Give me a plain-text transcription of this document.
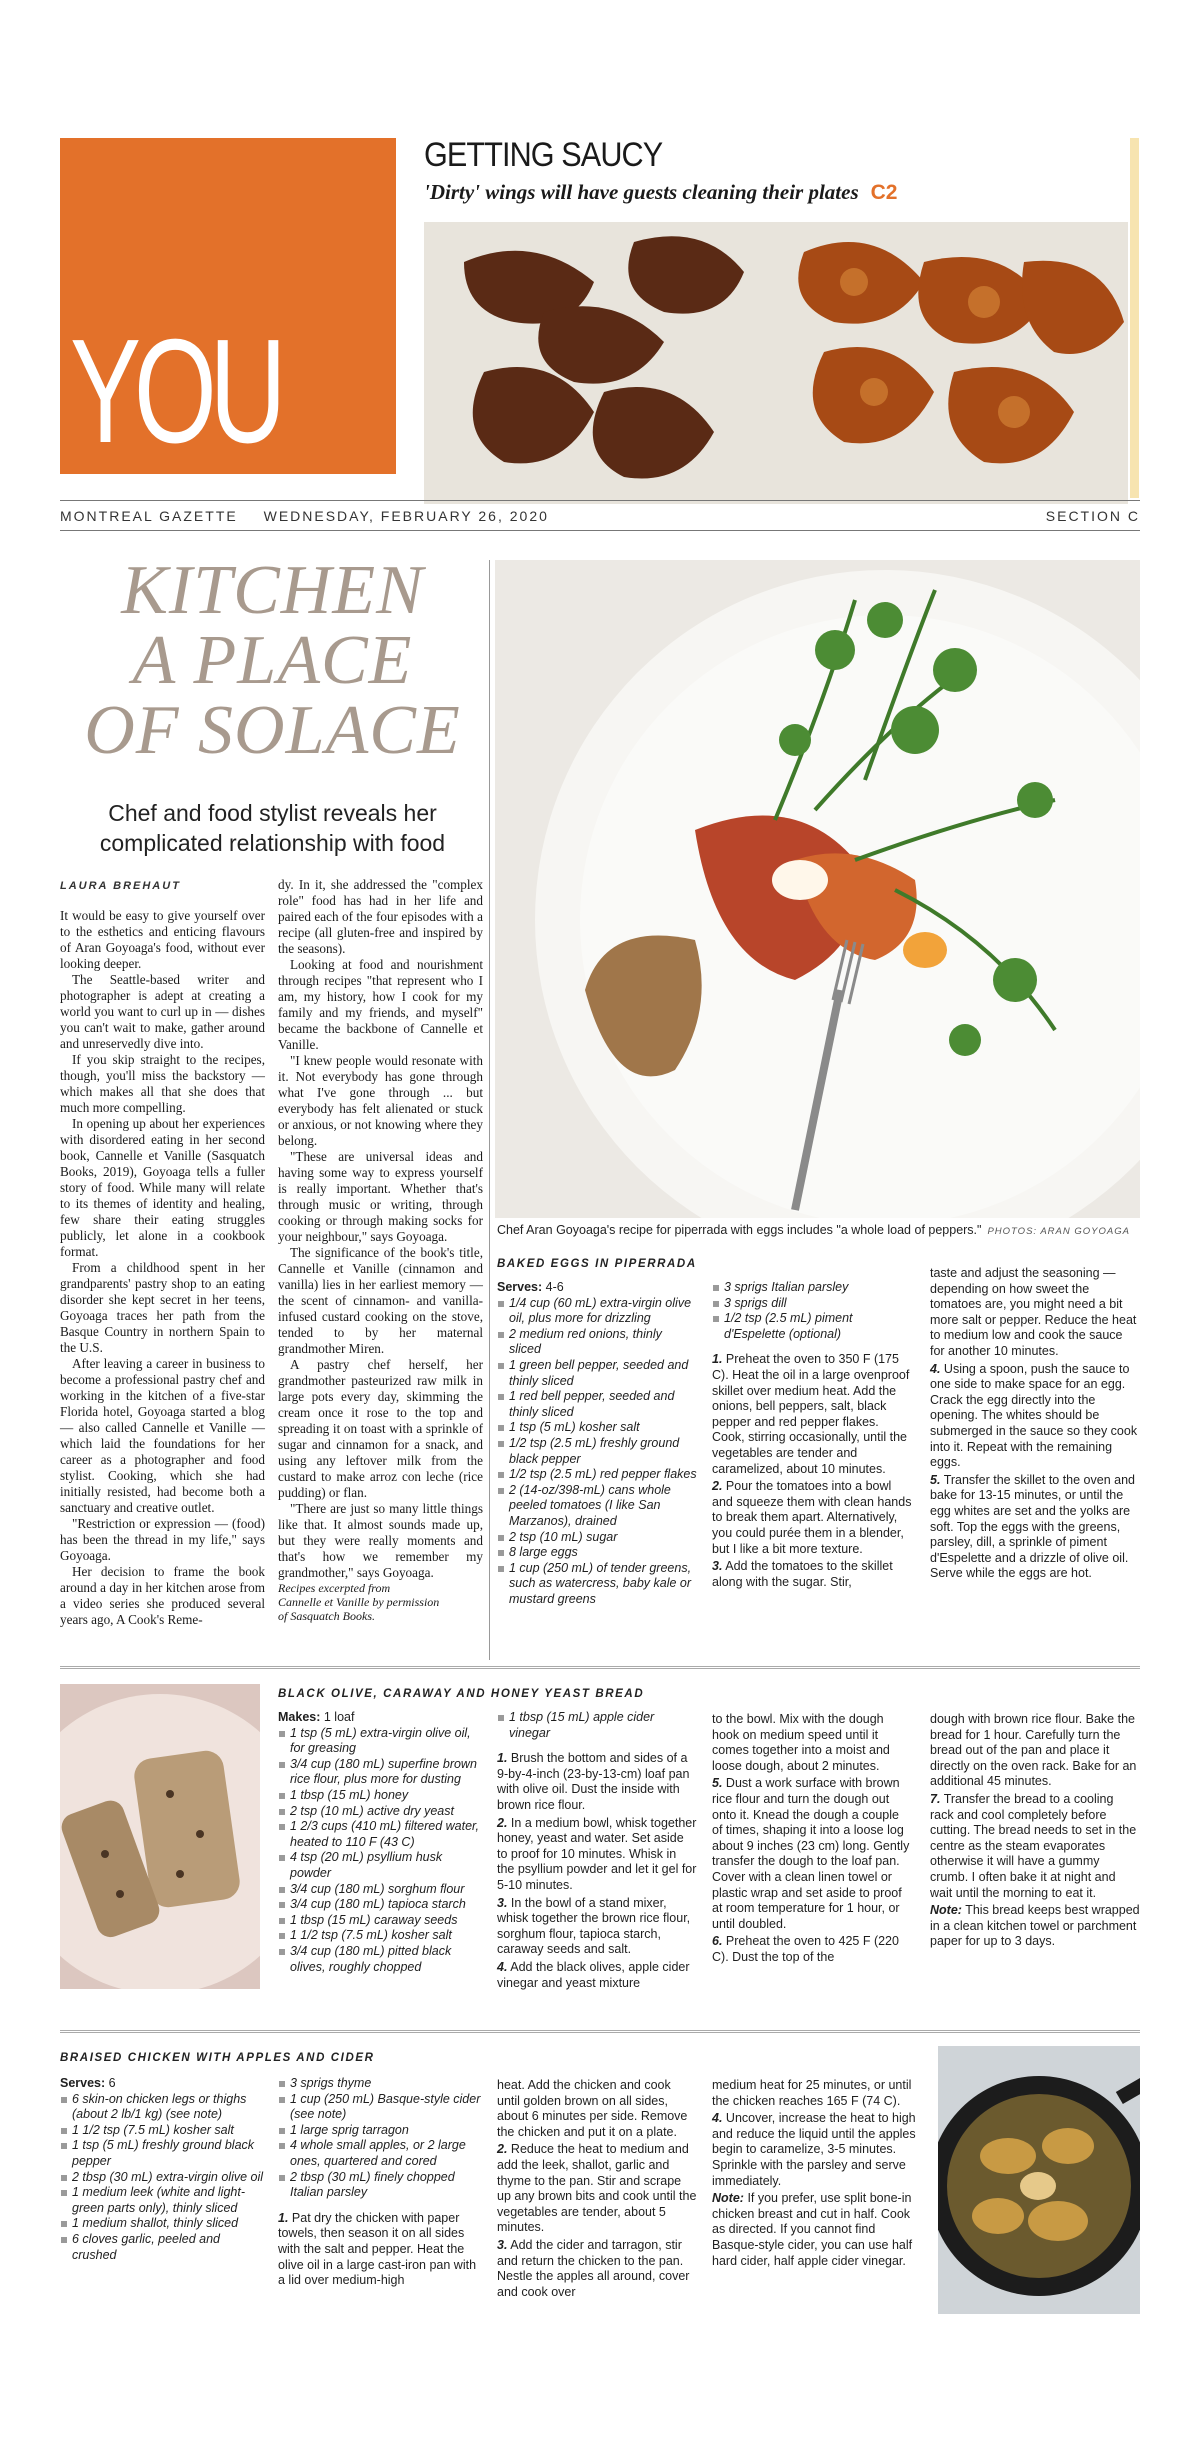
YOU
GETTING SAUCY
'Dirty' wings will have guests cleaning their plates C2
MONTREAL GAZETTE WEDNESDAY, FEBRUARY 26, 2020	SECTION C
KITCHEN
A PLACE
OF SOLACE
Chef and food stylist reveals her complicated relationship with food
LAURA BREHAUT

It would be easy to give yourself over to the esthetics and enticing flavours of Aran Goyoaga's food, without ever looking deeper.

The Seattle-based writer and photographer is adept at creating a world you want to curl up in — dishes you can't wait to make, gather around and unreservedly dive into.

If you skip straight to the recipes, though, you'll miss the backstory — which makes all that she does that much more compelling.

In opening up about her experiences with disordered eating in her second book, Cannelle et Vanille (Sasquatch Books, 2019), Goyoaga tells a fuller story of food. While many will relate to its themes of identity and healing, few share their eating struggles publicly, let alone in a cookbook format.

From a childhood spent in her grandparents' pastry shop to an eating disorder she kept secret in her teens, Goyoaga traces her path from the Basque Country in northern Spain to the U.S.

After leaving a career in business to become a professional pastry chef and working in the kitchen of a five-star Florida hotel, Goyoaga started a blog — also called Cannelle et Vanille — which laid the foundations for her career as a photographer and food stylist. Cooking, which she had initially resisted, had become both a sanctuary and creative outlet.

"Restriction or expression — (food) has been the thread in my life," says Goyoaga.

Her decision to frame the book around a day in her kitchen arose from a video series she produced several years ago, A Cook's Reme-

dy. In it, she addressed the "complex role" food has had in her life and paired each of the four episodes with a recipe (all gluten-free and inspired by the seasons).

Looking at food and nourishment through recipes "that represent who I am, my history, how I cook for my family and my friends, and myself" became the backbone of Cannelle et Vanille.

"I knew people would resonate with it. Not everybody has gone through what I've gone through ... but everybody has felt alienated or stuck or anxious, or not knowing where they belong.

"These are universal ideas and having some way to express yourself is really important. Whether that's through music or writing, through cooking or through making socks for your neighbour," says Goyoaga.

The significance of the book's title, Cannelle et Vanille (cinnamon and vanilla) lies in her earliest memory — the scent of cinnamon- and vanilla-infused custard cooking on the stove, tended to by her maternal grandmother Miren.

A pastry chef herself, her grandmother pasteurized raw milk in large pots every day, skimming the cream once it rose to the top and spreading it on toast with a sprinkle of sugar and cinnamon for a snack, and using any leftover milk from the custard to make arroz con leche (rice pudding) or flan.

"There are just so many little things like that. It almost sounds made up, but they were really moments and that's how we remember my grandmother," says Goyoaga.

Recipes excerpted from
Cannelle et Vanille by permission
of Sasquatch Books.

Chef Aran Goyoaga's recipe for piperrada with eggs includes "a whole load of peppers." PHOTOS: ARAN GOYOAGA
BAKED EGGS IN PIPERRADA
Serves: 4-6
1/4 cup (60 mL) extra-virgin olive oil, plus more for drizzling
2 medium red onions, thinly sliced
1 green bell pepper, seeded and thinly sliced
1 red bell pepper, seeded and thinly sliced
1 tsp (5 mL) kosher salt
1/2 tsp (2.5 mL) freshly ground black pepper
1/2 tsp (2.5 mL) red pepper flakes
2 (14-oz/398-mL) cans whole peeled tomatoes (I like San Marzanos), drained
2 tsp (10 mL) sugar
8 large eggs
1 cup (250 mL) of tender greens, such as watercress, baby kale or mustard greens
3 sprigs Italian parsley
3 sprigs dill
1/2 tsp (2.5 mL) piment d'Espelette (optional)

1. Preheat the oven to 350 F (175 C). Heat the oil in a large ovenproof skillet over medium heat. Add the onions, bell peppers, salt, black pepper and red pepper flakes. Cook, stirring occasionally, until the vegetables are tender and caramelized, about 10 minutes.

2. Pour the tomatoes into a bowl and squeeze them with clean hands to break them apart. Alternatively, you could purée them in a blender, but I like a bit more texture.

3. Add the tomatoes to the skillet along with the sugar. Stir,

taste and adjust the seasoning — depending on how sweet the tomatoes are, you might need a bit more salt or pepper. Reduce the heat to medium low and cook the sauce for another 10 minutes.

4. Using a spoon, push the sauce to one side to make space for an egg. Crack the egg directly into the opening. The whites should be submerged in the sauce so they cook into it. Repeat with the remaining eggs.

5. Transfer the skillet to the oven and bake for 13-15 minutes, or until the egg whites are set and the yolks are soft. Top the eggs with the greens, parsley, dill, a sprinkle of piment d'Espelette and a drizzle of olive oil. Serve while the eggs are hot.

BLACK OLIVE, CARAWAY AND HONEY YEAST BREAD
Makes: 1 loaf
1 tsp (5 mL) extra-virgin olive oil, for greasing
3/4 cup (180 mL) superfine brown rice flour, plus more for dusting
1 tbsp (15 mL) honey
2 tsp (10 mL) active dry yeast
1 2/3 cups (410 mL) filtered water, heated to 110 F (43 C)
4 tsp (20 mL) psyllium husk powder
3/4 cup (180 mL) sorghum flour
3/4 cup (180 mL) tapioca starch
1 tbsp (15 mL) caraway seeds
1 1/2 tsp (7.5 mL) kosher salt
3/4 cup (180 mL) pitted black olives, roughly chopped
1 tbsp (15 mL) apple cider vinegar

1. Brush the bottom and sides of a 9-by-4-inch (23-by-13-cm) loaf pan with olive oil. Dust the inside with brown rice flour.

2. In a medium bowl, whisk together honey, yeast and water. Set aside to proof for 10 minutes. Whisk in the psyllium powder and let it gel for 5-10 minutes.

3. In the bowl of a stand mixer, whisk together the brown rice flour, sorghum flour, tapioca starch, caraway seeds and salt.

4. Add the black olives, apple cider vinegar and yeast mixture

to the bowl. Mix with the dough hook on medium speed until it comes together into a moist and loose dough, about 2 minutes.

5. Dust a work surface with brown rice flour and turn the dough out onto it. Knead the dough a couple of times, shaping it into a loose log about 9 inches (23 cm) long. Gently transfer the dough to the loaf pan. Cover with a clean linen towel or plastic wrap and set aside to proof at room temperature for 1 hour, or until doubled.

6. Preheat the oven to 425 F (220 C). Dust the top of the

dough with brown rice flour. Bake the bread for 1 hour. Carefully turn the bread out of the pan and place it directly on the oven rack. Bake for an additional 45 minutes.

7. Transfer the bread to a cooling rack and cool completely before cutting. The bread needs to set in the centre as the steam evaporates otherwise it will have a gummy crumb. I often bake it at night and wait until the morning to eat it.

Note: This bread keeps best wrapped in a clean kitchen towel or parchment paper for up to 3 days.

BRAISED CHICKEN WITH APPLES AND CIDER
Serves: 6
6 skin-on chicken legs or thighs (about 2 lb/1 kg) (see note)
1 1/2 tsp (7.5 mL) kosher salt
1 tsp (5 mL) freshly ground black pepper
2 tbsp (30 mL) extra-virgin olive oil
1 medium leek (white and light-green parts only), thinly sliced
1 medium shallot, thinly sliced
6 cloves garlic, peeled and crushed
3 sprigs thyme
1 cup (250 mL) Basque-style cider (see note)
1 large sprig tarragon
4 whole small apples, or 2 large ones, quartered and cored
2 tbsp (30 mL) finely chopped Italian parsley

1. Pat dry the chicken with paper towels, then season it on all sides with the salt and pepper. Heat the olive oil in a large cast-iron pan with a lid over medium-high

heat. Add the chicken and cook until golden brown on all sides, about 6 minutes per side. Remove the chicken and put it on a plate.

2. Reduce the heat to medium and add the leek, shallot, garlic and thyme to the pan. Stir and scrape up any brown bits and cook until the vegetables are tender, about 5 minutes.

3. Add the cider and tarragon, stir and return the chicken to the pan. Nestle the apples all around, cover and cook over

medium heat for 25 minutes, or until the chicken reaches 165 F (74 C).

4. Uncover, increase the heat to high and reduce the liquid until the apples begin to caramelize, 3-5 minutes. Sprinkle with the parsley and serve immediately.

Note: If you prefer, use split bone-in chicken breast and cut in half. Cook as directed. If you cannot find Basque-style cider, you can use half hard cider, half apple cider vinegar.
